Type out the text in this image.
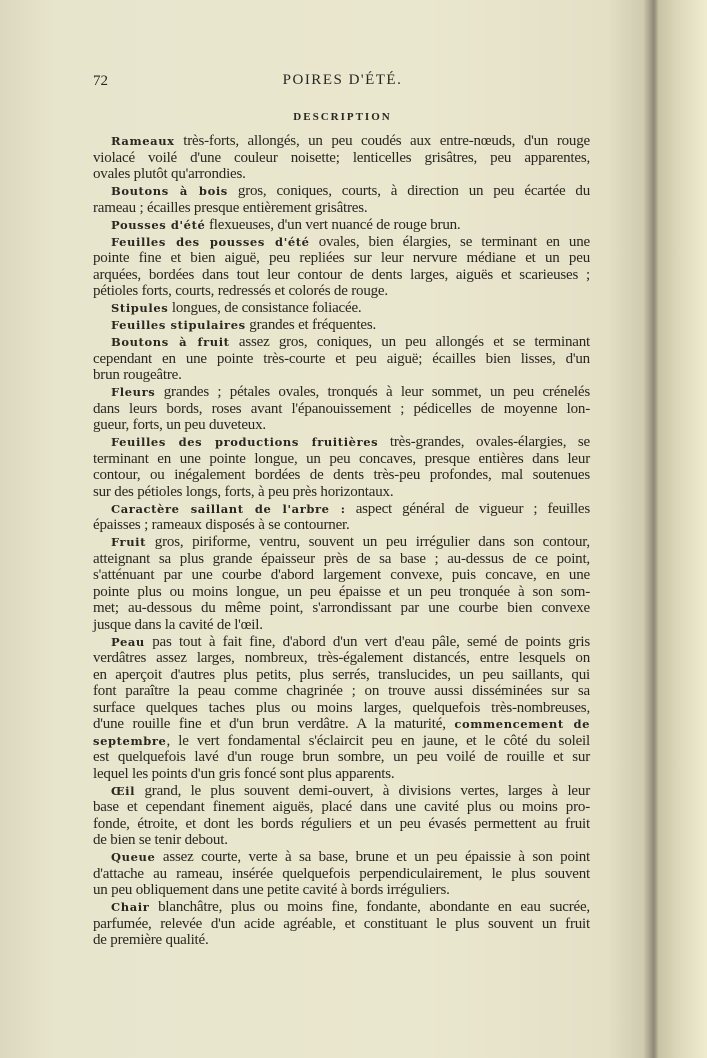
72	POIRES D'ÉTÉ.
DESCRIPTION
Rameaux très-forts, allongés, un peu coudés aux entre-nœuds, d'un rouge
violacé voilé d'une couleur noisette; lenticelles grisâtres, peu apparentes,
ovales plutôt qu'arrondies.
Boutons à bois gros, coniques, courts, à direction un peu écartée du
rameau ; écailles presque entièrement grisâtres.
Pousses d'été flexueuses, d'un vert nuancé de rouge brun.
Feuilles des pousses d'été ovales, bien élargies, se terminant en une
pointe fine et bien aiguë, peu repliées sur leur nervure médiane et un peu
arquées, bordées dans tout leur contour de dents larges, aiguës et scarieuses ;
pétioles forts, courts, redressés et colorés de rouge.
Stipules longues, de consistance foliacée.
Feuilles stipulaires grandes et fréquentes.
Boutons à fruit assez gros, coniques, un peu allongés et se terminant
cependant en une pointe très-courte et peu aiguë; écailles bien lisses, d'un
brun rougeâtre.
Fleurs grandes ; pétales ovales, tronqués à leur sommet, un peu crénelés
dans leurs bords, roses avant l'épanouissement ; pédicelles de moyenne lon-
gueur, forts, un peu duveteux.
Feuilles des productions fruitières très-grandes, ovales-élargies, se
terminant en une pointe longue, un peu concaves, presque entières dans leur
contour, ou inégalement bordées de dents très-peu profondes, mal soutenues
sur des pétioles longs, forts, à peu près horizontaux.
Caractère saillant de l'arbre : aspect général de vigueur ; feuilles
épaisses ; rameaux disposés à se contourner.
Fruit gros, piriforme, ventru, souvent un peu irrégulier dans son contour,
atteignant sa plus grande épaisseur près de sa base ; au-dessus de ce point,
s'atténuant par une courbe d'abord largement convexe, puis concave, en une
pointe plus ou moins longue, un peu épaisse et un peu tronquée à son som-
met; au-dessous du même point, s'arrondissant par une courbe bien convexe
jusque dans la cavité de l'œil.
Peau pas tout à fait fine, d'abord d'un vert d'eau pâle, semé de points gris
verdâtres assez larges, nombreux, très-également distancés, entre lesquels on
en aperçoit d'autres plus petits, plus serrés, translucides, un peu saillants, qui
font paraître la peau comme chagrinée ; on trouve aussi disséminées sur sa
surface quelques taches plus ou moins larges, quelquefois très-nombreuses,
d'une rouille fine et d'un brun verdâtre. A la maturité, commencement de
septembre, le vert fondamental s'éclaircit peu en jaune, et le côté du soleil
est quelquefois lavé d'un rouge brun sombre, un peu voilé de rouille et sur
lequel les points d'un gris foncé sont plus apparents.
Œil grand, le plus souvent demi-ouvert, à divisions vertes, larges à leur
base et cependant finement aiguës, placé dans une cavité plus ou moins pro-
fonde, étroite, et dont les bords réguliers et un peu évasés permettent au fruit
de bien se tenir debout.
Queue assez courte, verte à sa base, brune et un peu épaissie à son point
d'attache au rameau, insérée quelquefois perpendiculairement, le plus souvent
un peu obliquement dans une petite cavité à bords irréguliers.
Chair blanchâtre, plus ou moins fine, fondante, abondante en eau sucrée,
parfumée, relevée d'un acide agréable, et constituant le plus souvent un fruit
de première qualité.
